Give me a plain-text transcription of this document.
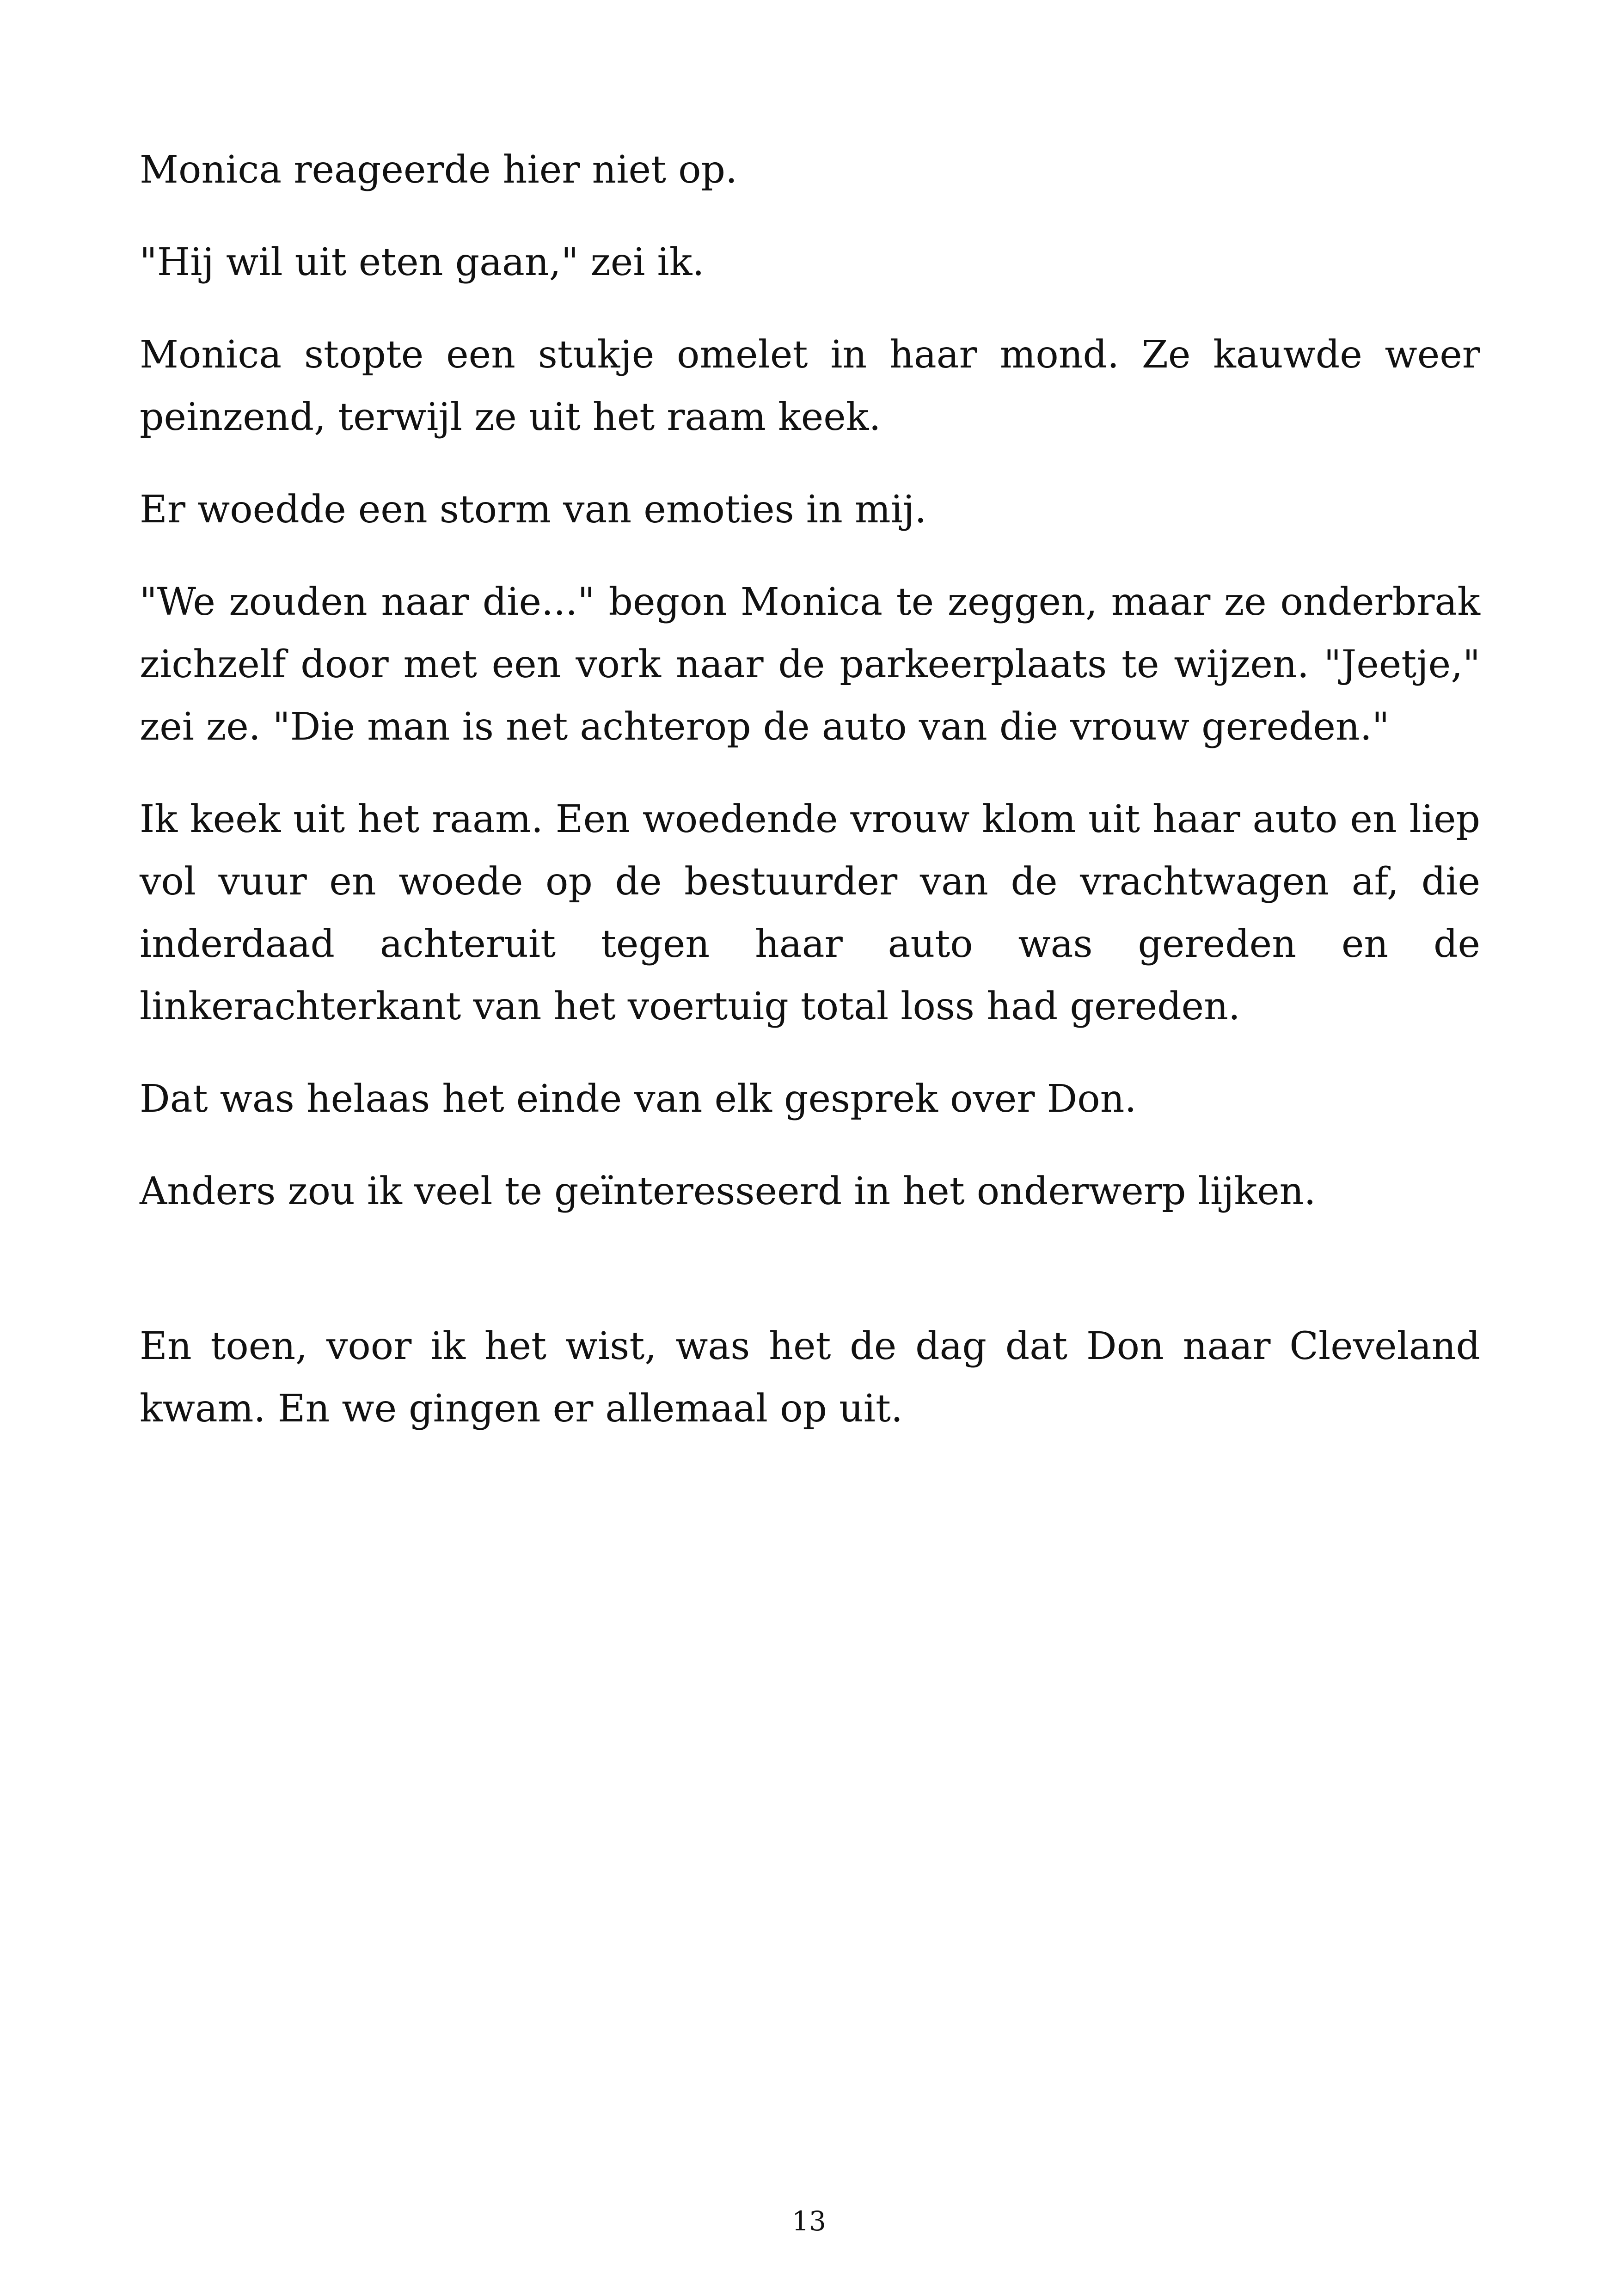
Monica reageerde hier niet op.

"Hij wil uit eten gaan," zei ik.

Monica stopte een stukje omelet in haar mond. Ze kauwde weer peinzend, terwijl ze uit het raam keek.

Er woedde een storm van emoties in mij.

"We zouden naar die..." begon Monica te zeggen, maar ze onderbrak zichzelf door met een vork naar de parkeerplaats te wijzen. "Jeetje," zei ze. "Die man is net achterop de auto van die vrouw gereden."

Ik keek uit het raam. Een woedende vrouw klom uit haar auto en liep vol vuur en woede op de bestuurder van de vrachtwagen af, die inderdaad achteruit tegen haar auto was gereden en de linkerachterkant van het voertuig total loss had gereden.

Dat was helaas het einde van elk gesprek over Don.

Anders zou ik veel te geïnteresseerd in het onderwerp lijken.

En toen, voor ik het wist, was het de dag dat Don naar Cleveland kwam. En we gingen er allemaal op uit.

13
